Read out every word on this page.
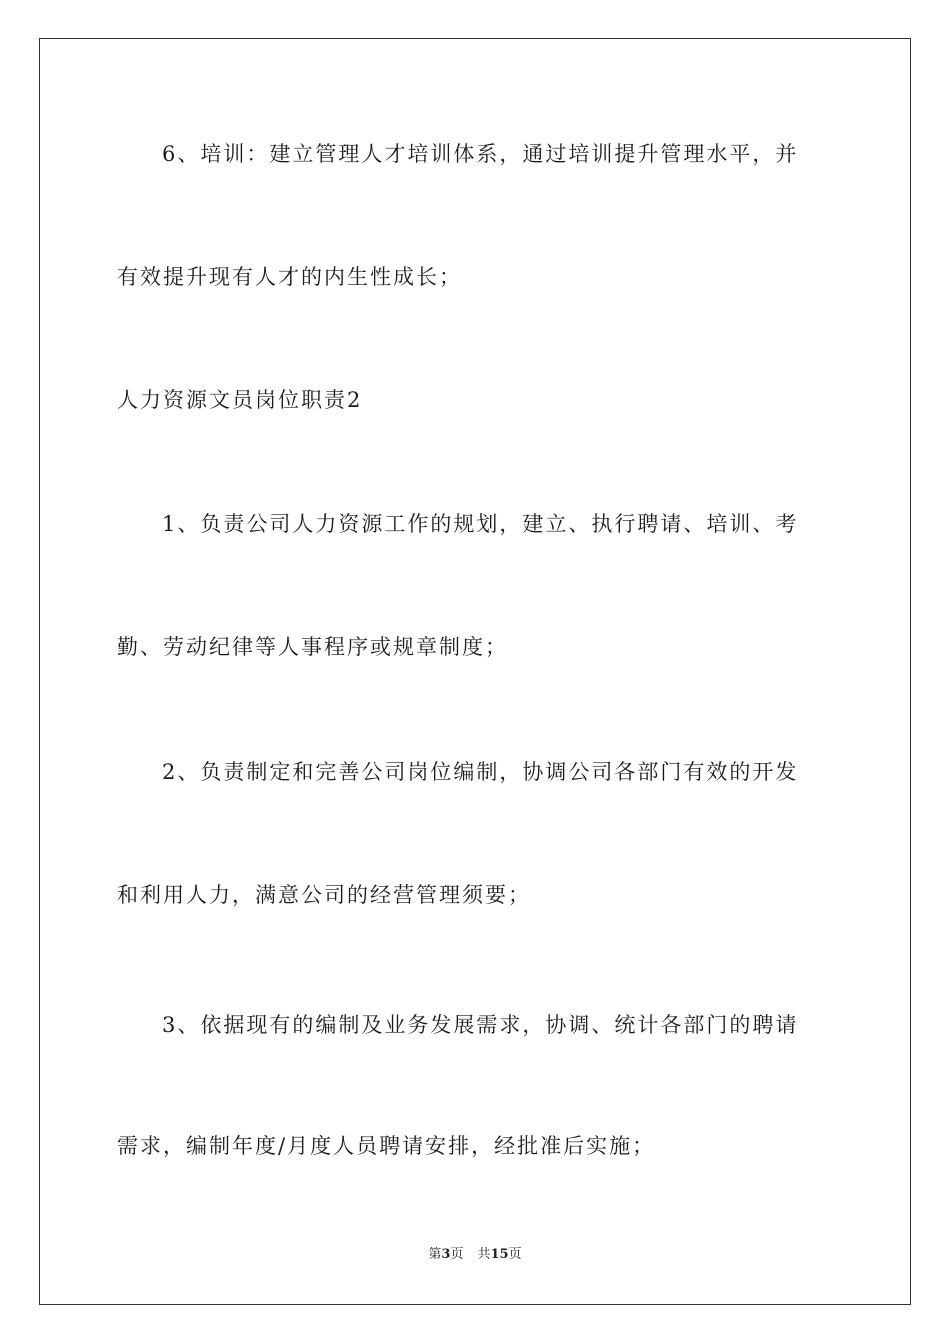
6、培训：建立管理人才培训体系，通过培训提升管理水平，并
有效提升现有人才的内生性成长；
人力资源文员岗位职责2
1、负责公司人力资源工作的规划，建立、执行聘请、培训、考
勤、劳动纪律等人事程序或规章制度；
2、负责制定和完善公司岗位编制，协调公司各部门有效的开发
和利用人力，满意公司的经营管理须要；
3、依据现有的编制及业务发展需求，协调、统计各部门的聘请
需求，编制年度/月度人员聘请安排，经批准后实施；
第3页 共15页
